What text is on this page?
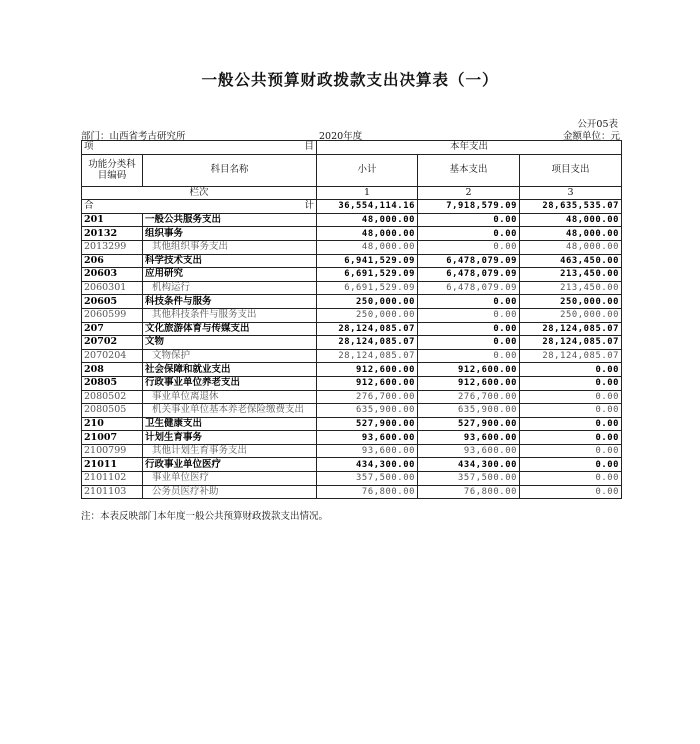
一般公共预算财政拨款支出决算表（一）
公开05表
部门：山西省考古研究所	2020年度	金额单位：元
项 目		本年支出		
功能分类科目编码	科目名称	小计	基本支出	项目支出
栏次		1	2	3

合 计		36,554,114.16	7,918,579.09	28,635,535.07
201	一般公共服务支出	48,000.00	0.00	48,000.00
20132	组织事务	48,000.00	0.00	48,000.00
2013299	其他组织事务支出	48,000.00	0.00	48,000.00
206	科学技术支出	6,941,529.09	6,478,079.09	463,450.00
20603	应用研究	6,691,529.09	6,478,079.09	213,450.00
2060301	机构运行	6,691,529.09	6,478,079.09	213,450.00
20605	科技条件与服务	250,000.00	0.00	250,000.00
2060599	其他科技条件与服务支出	250,000.00	0.00	250,000.00
207	文化旅游体育与传媒支出	28,124,085.07	0.00	28,124,085.07
20702	文物	28,124,085.07	0.00	28,124,085.07
2070204	文物保护	28,124,085.07	0.00	28,124,085.07
208	社会保障和就业支出	912,600.00	912,600.00	0.00
20805	行政事业单位养老支出	912,600.00	912,600.00	0.00
2080502	事业单位离退休	276,700.00	276,700.00	0.00
2080505	机关事业单位基本养老保险缴费支出	635,900.00	635,900.00	0.00
210	卫生健康支出	527,900.00	527,900.00	0.00
21007	计划生育事务	93,600.00	93,600.00	0.00
2100799	其他计划生育事务支出	93,600.00	93,600.00	0.00
21011	行政事业单位医疗	434,300.00	434,300.00	0.00
2101102	事业单位医疗	357,500.00	357,500.00	0.00
2101103	公务员医疗补助	76,800.00	76,800.00	0.00
注：本表反映部门本年度一般公共预算财政拨款支出情况。
